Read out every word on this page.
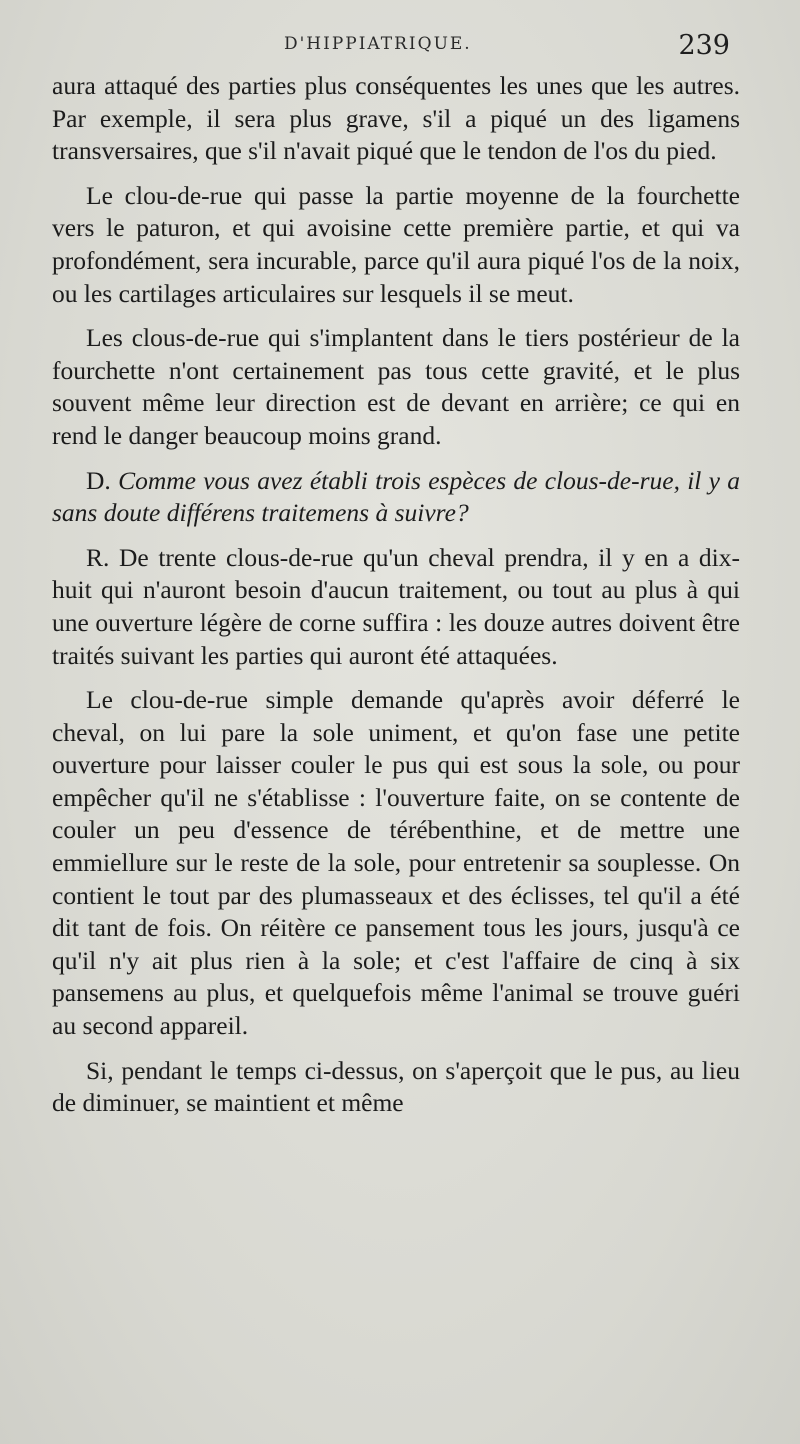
D'HIPPIATRIQUE.	239

aura attaqué des parties plus conséquentes les unes que les autres. Par exemple, il sera plus grave, s'il a piqué un des ligamens transversaires, que s'il n'avait piqué que le tendon de l'os du pied.

Le clou-de-rue qui passe la partie moyenne de la fourchette vers le paturon, et qui avoisine cette première partie, et qui va profondément, sera incurable, parce qu'il aura piqué l'os de la noix, ou les cartilages articulaires sur lesquels il se meut.

Les clous-de-rue qui s'implantent dans le tiers postérieur de la fourchette n'ont certainement pas tous cette gravité, et le plus souvent même leur direction est de devant en arrière; ce qui en rend le danger beaucoup moins grand.

D. Comme vous avez établi trois espèces de clous-de-rue, il y a sans doute différens traitemens à suivre?

R. De trente clous-de-rue qu'un cheval prendra, il y en a dix-huit qui n'auront besoin d'aucun traitement, ou tout au plus à qui une ouverture légère de corne suffira : les douze autres doivent être traités suivant les parties qui auront été attaquées.

Le clou-de-rue simple demande qu'après avoir déferré le cheval, on lui pare la sole uniment, et qu'on fase une petite ouverture pour laisser couler le pus qui est sous la sole, ou pour empêcher qu'il ne s'établisse : l'ouverture faite, on se contente de couler un peu d'essence de térébenthine, et de mettre une emmiellure sur le reste de la sole, pour entretenir sa souplesse. On contient le tout par des plumasseaux et des éclisses, tel qu'il a été dit tant de fois. On réitère ce pansement tous les jours, jusqu'à ce qu'il n'y ait plus rien à la sole; et c'est l'affaire de cinq à six pansemens au plus, et quelquefois même l'animal se trouve guéri au second appareil.

Si, pendant le temps ci-dessus, on s'aperçoit que le pus, au lieu de diminuer, se maintient et même
